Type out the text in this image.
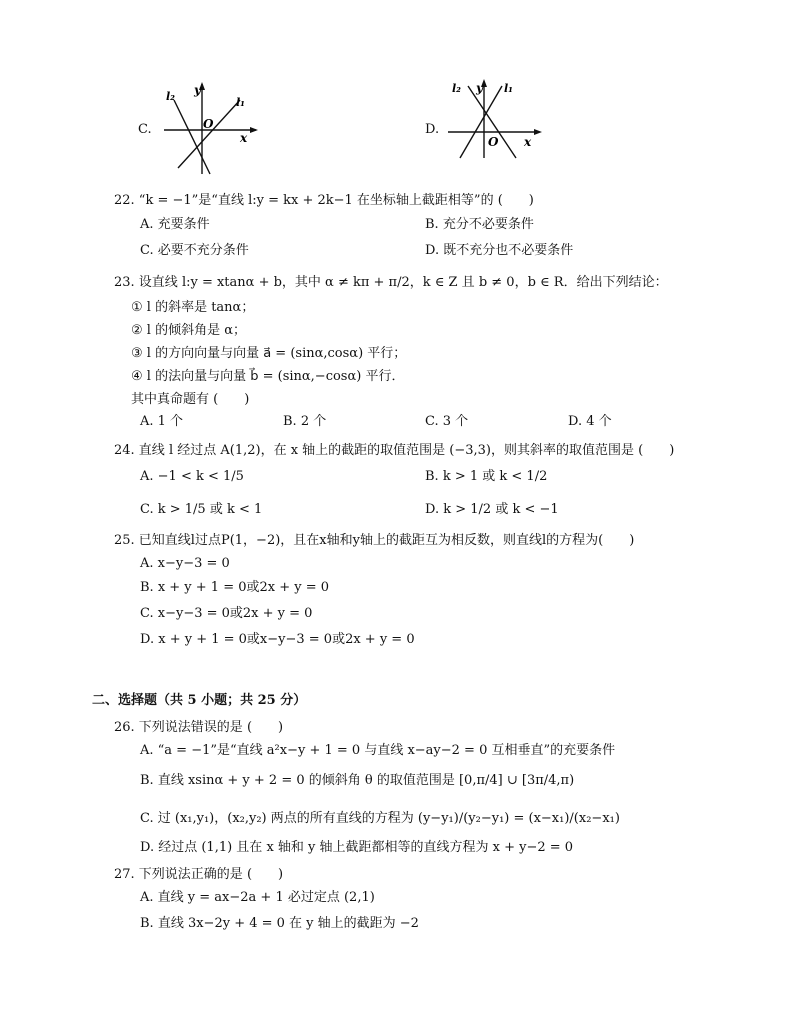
C.
y
x
O
l₂	l₁
D.
y
x
O
l₂	l₁
22. “k = −1”是“直线 l:y = kx + 2k−1 在坐标轴上截距相等”的 (　　)
A. 充要条件	B. 充分不必要条件
C. 必要不充分条件	D. 既不充分也不必要条件
23. 设直线 l:y = xtanα + b，其中 α ≠ kπ + π/2，k ∈ Z 且 b ≠ 0，b ∈ R．给出下列结论：
① l 的斜率是 tanα；
② l 的倾斜角是 α；
③ l 的方向向量与向量 a⃗ = (sinα,cosα) 平行；
④ l 的法向量与向量 b⃗ = (sinα,−cosα) 平行．
其中真命题有 (　　)
A. 1 个	B. 2 个	C. 3 个	D. 4 个
24. 直线 l 经过点 A(1,2)，在 x 轴上的截距的取值范围是 (−3,3)，则其斜率的取值范围是 (　　)
A. −1 < k < 1/5	B. k > 1 或 k < 1/2
C. k > 1/5 或 k < 1	D. k > 1/2 或 k < −1
25. 已知直线l过点P(1，−2)，且在x轴和y轴上的截距互为相反数，则直线l的方程为(　　)
A. x−y−3 = 0
B. x + y + 1 = 0或2x + y = 0
C. x−y−3 = 0或2x + y = 0
D. x + y + 1 = 0或x−y−3 = 0或2x + y = 0
二、选择题（共 5 小题；共 25 分）
26. 下列说法错误的是 (　　)
A. “a = −1”是“直线 a²x−y + 1 = 0 与直线 x−ay−2 = 0 互相垂直”的充要条件
B. 直线 xsinα + y + 2 = 0 的倾斜角 θ 的取值范围是 [0,π/4] ∪ [3π/4,π)
C. 过 (x₁,y₁)，(x₂,y₂) 两点的所有直线的方程为 (y−y₁)/(y₂−y₁) = (x−x₁)/(x₂−x₁)
D. 经过点 (1,1) 且在 x 轴和 y 轴上截距都相等的直线方程为 x + y−2 = 0
27. 下列说法正确的是 (　　)
A. 直线 y = ax−2a + 1 必过定点 (2,1)
B. 直线 3x−2y + 4 = 0 在 y 轴上的截距为 −2
